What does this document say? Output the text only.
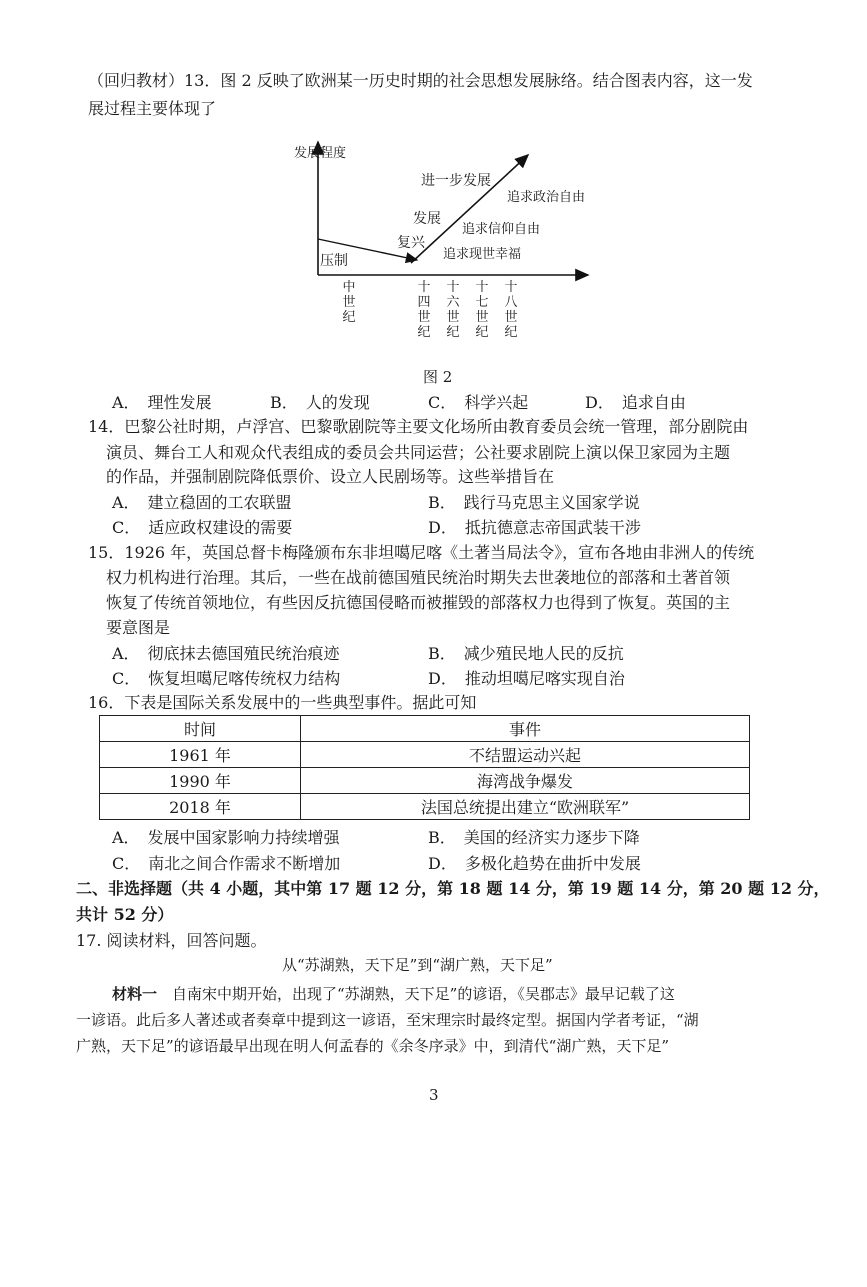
（回归教材）13．图 2 反映了欧洲某一历史时期的社会思想发展脉络。结合图表内容，这一发
展过程主要体现了
发展程度
压制
复兴
发展
进一步发展
追求政治自由
追求信仰自由
追求现世幸福
中世纪
十四世纪
十六世纪
十七世纪
十八世纪
图 2
A．　理性发展	B．　人的发现	C．　科学兴起	D．　追求自由
14．巴黎公社时期，卢浮宫、巴黎歌剧院等主要文化场所由教育委员会统一管理，部分剧院由
演员、舞台工人和观众代表组成的委员会共同运营；公社要求剧院上演以保卫家园为主题
的作品，并强制剧院降低票价、设立人民剧场等。这些举措旨在
A．　建立稳固的工农联盟	B．　践行马克思主义国家学说
C．　适应政权建设的需要	D．　抵抗德意志帝国武装干涉
15．1926 年，英国总督卡梅隆颁布东非坦噶尼喀《土著当局法令》，宣布各地由非洲人的传统
权力机构进行治理。其后，一些在战前德国殖民统治时期失去世袭地位的部落和土著首领
恢复了传统首领地位，有些因反抗德国侵略而被摧毁的部落权力也得到了恢复。英国的主
要意图是
A．　彻底抹去德国殖民统治痕迹	B．　减少殖民地人民的反抗
C．　恢复坦噶尼喀传统权力结构	D．　推动坦噶尼喀实现自治
16．下表是国际关系发展中的一些典型事件。据此可知
时间	事件
1961 年	不结盟运动兴起
1990 年	海湾战争爆发
2018 年	法国总统提出建立“欧洲联军”
A．　发展中国家影响力持续增强	B．　美国的经济实力逐步下降
C．　南北之间合作需求不断增加	D．　多极化趋势在曲折中发展
二、非选择题（共 4 小题，其中第 17 题 12 分，第 18 题 14 分，第 19 题 14 分，第 20 题 12 分，
共计 52 分）
17. 阅读材料，回答问题。
从“苏湖熟，天下足”到“湖广熟，天下足”
材料一　自南宋中期开始，出现了“苏湖熟，天下足”的谚语，《吴郡志》最早记载了这
一谚语。此后多人著述或者奏章中提到这一谚语，至宋理宗时最终定型。据国内学者考证，“湖
广熟，天下足”的谚语最早出现在明人何孟春的《余冬序录》中，到清代“湖广熟，天下足”
3
